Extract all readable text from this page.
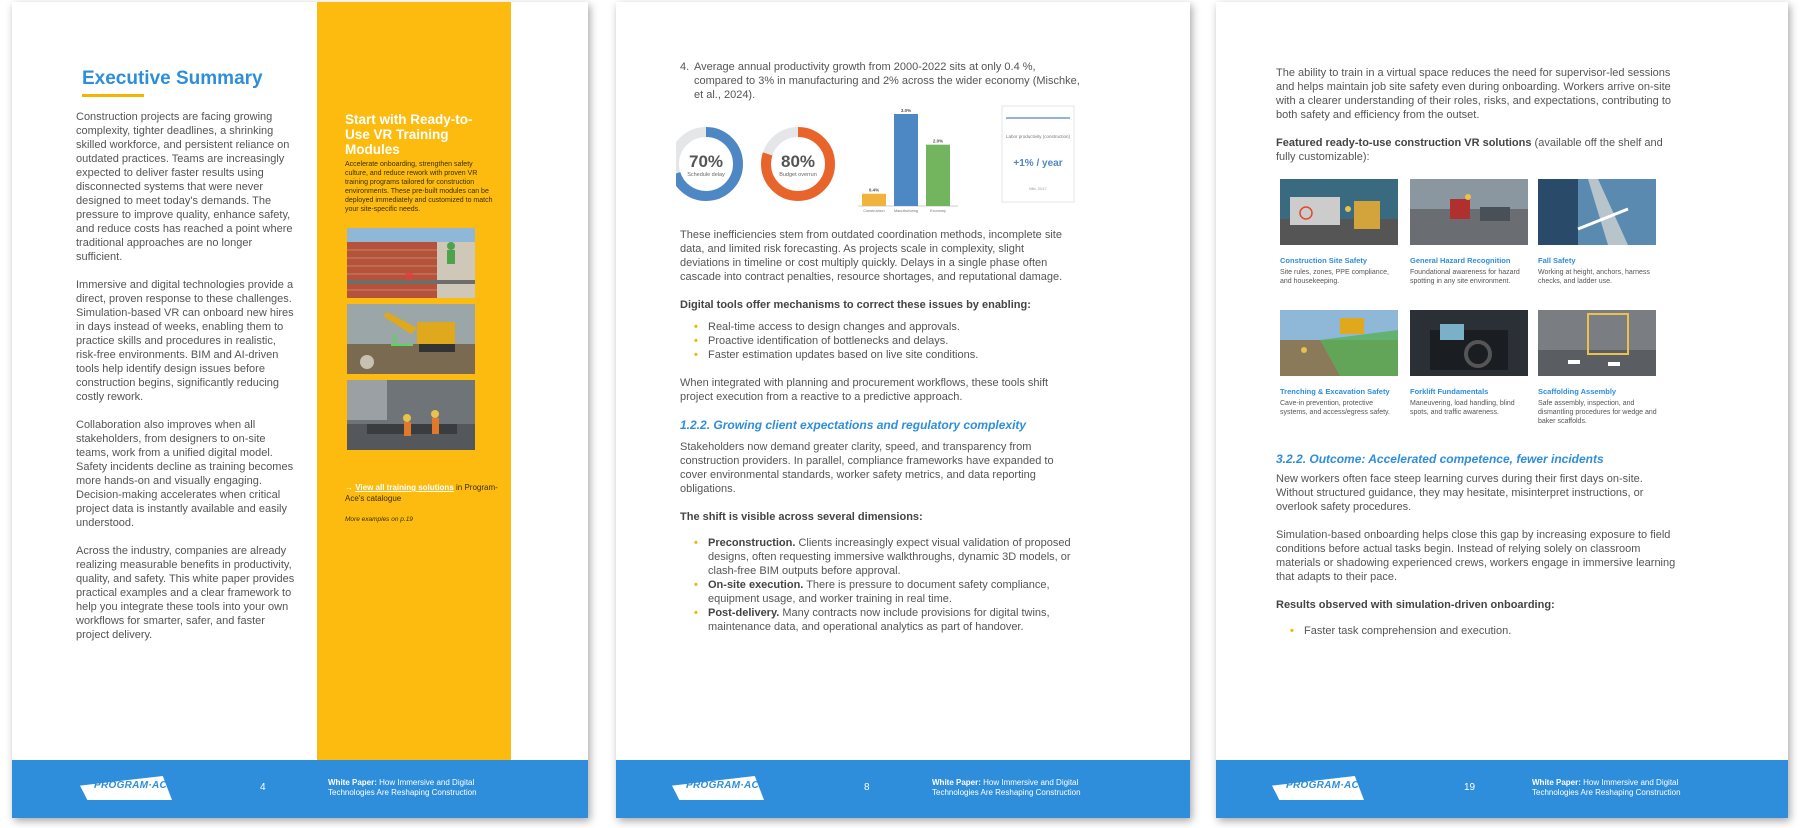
Executive Summary

Construction projects are facing growing complexity, tighter deadlines, a shrinking skilled workforce, and persistent reliance on outdated practices. Teams are increasingly expected to deliver faster results using disconnected systems that were never designed to meet today's demands. The pressure to improve quality, enhance safety, and reduce costs has reached a point where traditional approaches are no longer sufficient.

Immersive and digital technologies provide a direct, proven response to these challenges. Simulation-based VR can onboard new hires in days instead of weeks, enabling them to practice skills and procedures in realistic, risk-free environments. BIM and AI-driven tools help identify design issues before construction begins, significantly reducing costly rework.

Collaboration also improves when all stakeholders, from designers to on-site teams, work from a unified digital model. Safety incidents decline as training becomes more hands-on and visually engaging. Decision-making accelerates when critical project data is instantly available and easily understood.

Across the industry, companies are already realizing measurable benefits in productivity, quality, and safety. This white paper provides practical examples and a clear framework to help you integrate these tools into your own workflows for smarter, safer, and faster project delivery.

Start with Ready-to-Use VR Training Modules
Accelerate onboarding, strengthen safety culture, and reduce rework with proven VR training programs tailored for construction environments. These pre-built modules can be deployed immediately and customized to match your site-specific needs.
→ View all training solutions in Program-Ace's catalogue
More examples on p.19
PROGRAM·ACE	4	White Paper: How Immersive and Digital Technologies Are Reshaping Construction
4. Average annual productivity growth from 2000-2022 sits at only 0.4 %, compared to 3% in manufacturing and 2% across the wider economy (Mischke, et al., 2024).
70%
Schedule delay
80%
Budget overrun
0.4%
Construction
3.0%
Manufacturing
2.0%
Economy
Labor productivity (construction)
+1% / year
Mkt, 2017

These inefficiencies stem from outdated coordination methods, incomplete site data, and limited risk forecasting. As projects scale in complexity, slight deviations in timeline or cost multiply quickly. Delays in a single phase often cascade into contract penalties, resource shortages, and reputational damage.

Digital tools offer mechanisms to correct these issues by enabling:

• Real-time access to design changes and approvals.
• Proactive identification of bottlenecks and delays.
• Faster estimation updates based on live site conditions.

When integrated with planning and procurement workflows, these tools shift project execution from a reactive to a predictive approach.

1.2.2. Growing client expectations and regulatory complexity

Stakeholders now demand greater clarity, speed, and transparency from construction providers. In parallel, compliance frameworks have expanded to cover environmental standards, worker safety metrics, and data reporting obligations.

The shift is visible across several dimensions:

• Preconstruction. Clients increasingly expect visual validation of proposed designs, often requesting immersive walkthroughs, dynamic 3D models, or clash-free BIM outputs before approval.
• On-site execution. There is pressure to document safety compliance, equipment usage, and worker training in real time.
• Post-delivery. Many contracts now include provisions for digital twins, maintenance data, and operational analytics as part of handover.
PROGRAM·ACE	8	White Paper: How Immersive and Digital Technologies Are Reshaping Construction

The ability to train in a virtual space reduces the need for supervisor-led sessions and helps maintain job site safety even during onboarding. Workers arrive on-site with a clearer understanding of their roles, risks, and expectations, contributing to both safety and efficiency from the outset.

Featured ready-to-use construction VR solutions (available off the shelf and fully customizable):

Construction Site Safety
Site rules, zones, PPE compliance, and housekeeping.
General Hazard Recognition
Foundational awareness for hazard spotting in any site environment.
Fall Safety
Working at height, anchors, harness checks, and ladder use.
Trenching & Excavation Safety
Cave-in prevention, protective systems, and access/egress safety.
Forklift Fundamentals
Maneuvering, load handling, blind spots, and traffic awareness.
Scaffolding Assembly
Safe assembly, inspection, and dismantling procedures for wedge and baker scaffolds.

3.2.2. Outcome: Accelerated competence, fewer incidents

New workers often face steep learning curves during their first days on-site. Without structured guidance, they may hesitate, misinterpret instructions, or overlook safety procedures.

Simulation-based onboarding helps close this gap by increasing exposure to field conditions before actual tasks begin. Instead of relying solely on classroom materials or shadowing experienced crews, workers engage in immersive learning that adapts to their pace.

Results observed with simulation-driven onboarding:

• Faster task comprehension and execution.
PROGRAM·ACE	19	White Paper: How Immersive and Digital Technologies Are Reshaping Construction
